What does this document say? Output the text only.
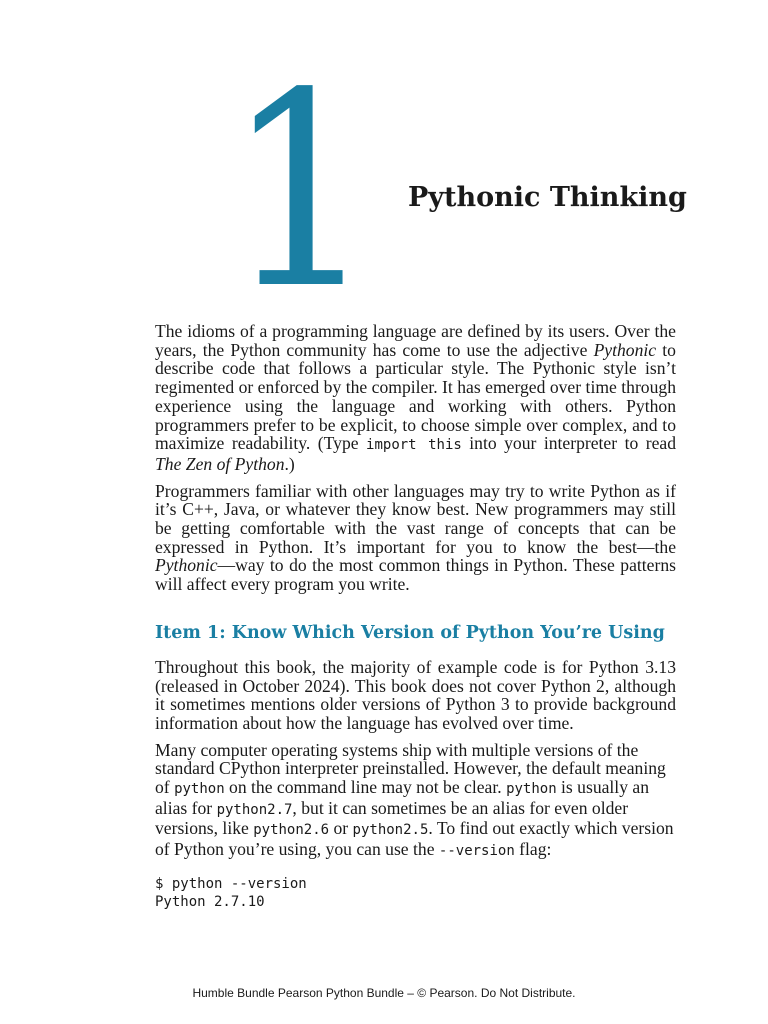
1 Pythonic Thinking

The idioms of a programming language are defined by its users. Over the years, the Python community has come to use the adjective Pythonic to describe code that follows a particular style. The Pythonic style isn’t regimented or enforced by the compiler. It has emerged over time through experience using the language and working with others. Python programmers prefer to be explicit, to choose simple over complex, and to maximize readability. (Type import this into your interpreter to read The Zen of Python.)

Programmers familiar with other languages may try to write Python as if it’s C++, Java, or whatever they know best. New programmers may still be getting comfortable with the vast range of concepts that can be expressed in Python. It’s important for you to know the best—the Pythonic—way to do the most common things in Python. These patterns will affect every program you write.

Item 1: Know Which Version of Python You’re Using

Throughout this book, the majority of example code is for Python 3.13 (released in October 2024). This book does not cover Python 2, although it sometimes mentions older versions of Python 3 to provide background information about how the language has evolved over time.

Many computer operating systems ship with multiple versions of the standard CPython interpreter preinstalled. However, the default meaning of python on the command line may not be clear. python is usually an alias for python2.7, but it can sometimes be an alias for even older versions, like python2.6 or python2.5. To find out exactly which version of Python you’re using, you can use the --version flag:

$ python --version
Python 2.7.10
Humble Bundle Pearson Python Bundle – © Pearson. Do Not Distribute.
